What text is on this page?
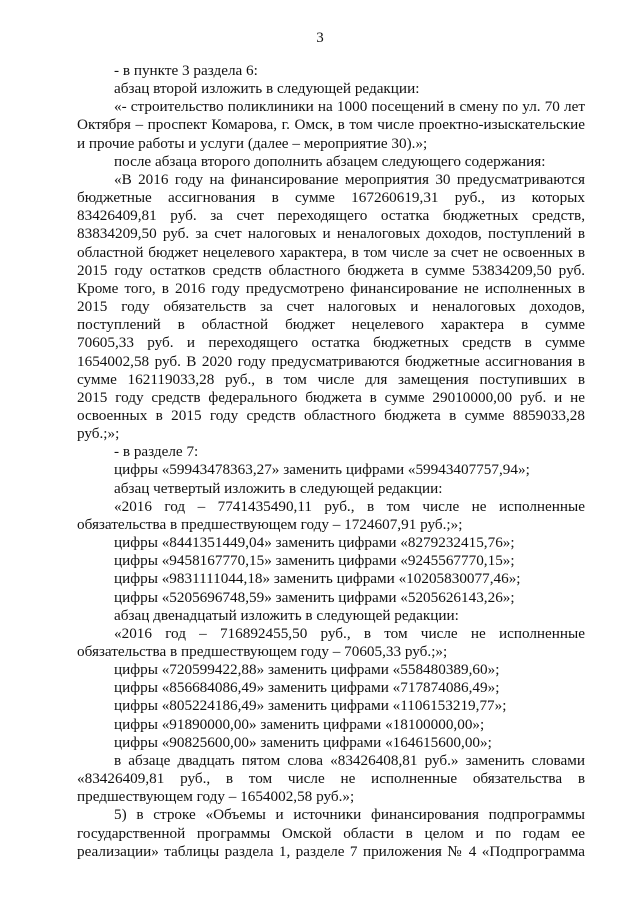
3

- в пункте 3 раздела 6:

абзац второй изложить в следующей редакции:

«- строительство поликлиники на 1000 посещений в смену по ул. 70 лет

Октября – проспект Комарова, г. Омск, в том числе проектно-изыскательские

и прочие работы и услуги (далее – мероприятие 30).»;

после абзаца второго дополнить абзацем следующего содержания:

«В 2016 году на финансирование мероприятия 30 предусматриваются

бюджетные ассигнования в сумме 167260619,31 руб., из которых

83426409,81 руб. за счет переходящего остатка бюджетных средств,

83834209,50 руб. за счет налоговых и неналоговых доходов, поступлений в

областной бюджет нецелевого характера, в том числе за счет не освоенных в

2015 году остатков средств областного бюджета в сумме 53834209,50 руб.

Кроме того, в 2016 году предусмотрено финансирование не исполненных в

2015 году обязательств за счет налоговых и неналоговых доходов,

поступлений в областной бюджет нецелевого характера в сумме

70605,33 руб. и переходящего остатка бюджетных средств в сумме

1654002,58 руб. В 2020 году предусматриваются бюджетные ассигнования в

сумме 162119033,28 руб., в том числе для замещения поступивших в

2015 году средств федерального бюджета в сумме 29010000,00 руб. и не

освоенных в 2015 году средств областного бюджета в сумме 8859033,28

руб.;»;

- в разделе 7:

цифры «59943478363,27» заменить цифрами «59943407757,94»;

абзац четвертый изложить в следующей редакции:

«2016 год – 7741435490,11 руб., в том числе не исполненные

обязательства в предшествующем году – 1724607,91 руб.;»;

цифры «8441351449,04» заменить цифрами «8279232415,76»;

цифры «9458167770,15» заменить цифрами «9245567770,15»;

цифры «9831111044,18» заменить цифрами «10205830077,46»;

цифры «5205696748,59» заменить цифрами «5205626143,26»;

абзац двенадцатый изложить в следующей редакции:

«2016 год – 716892455,50 руб., в том числе не исполненные

обязательства в предшествующем году – 70605,33 руб.;»;

цифры «720599422,88» заменить цифрами «558480389,60»;

цифры «856684086,49» заменить цифрами «717874086,49»;

цифры «805224186,49» заменить цифрами «1106153219,77»;

цифры «91890000,00» заменить цифрами «18100000,00»;

цифры «90825600,00» заменить цифрами «164615600,00»;

в абзаце двадцать пятом слова «83426408,81 руб.» заменить словами

«83426409,81 руб., в том числе не исполненные обязательства в

предшествующем году – 1654002,58 руб.»;

5) в строке «Объемы и источники финансирования подпрограммы

государственной программы Омской области в целом и по годам ее

реализации» таблицы раздела 1, разделе 7 приложения № 4 «Подпрограмма
